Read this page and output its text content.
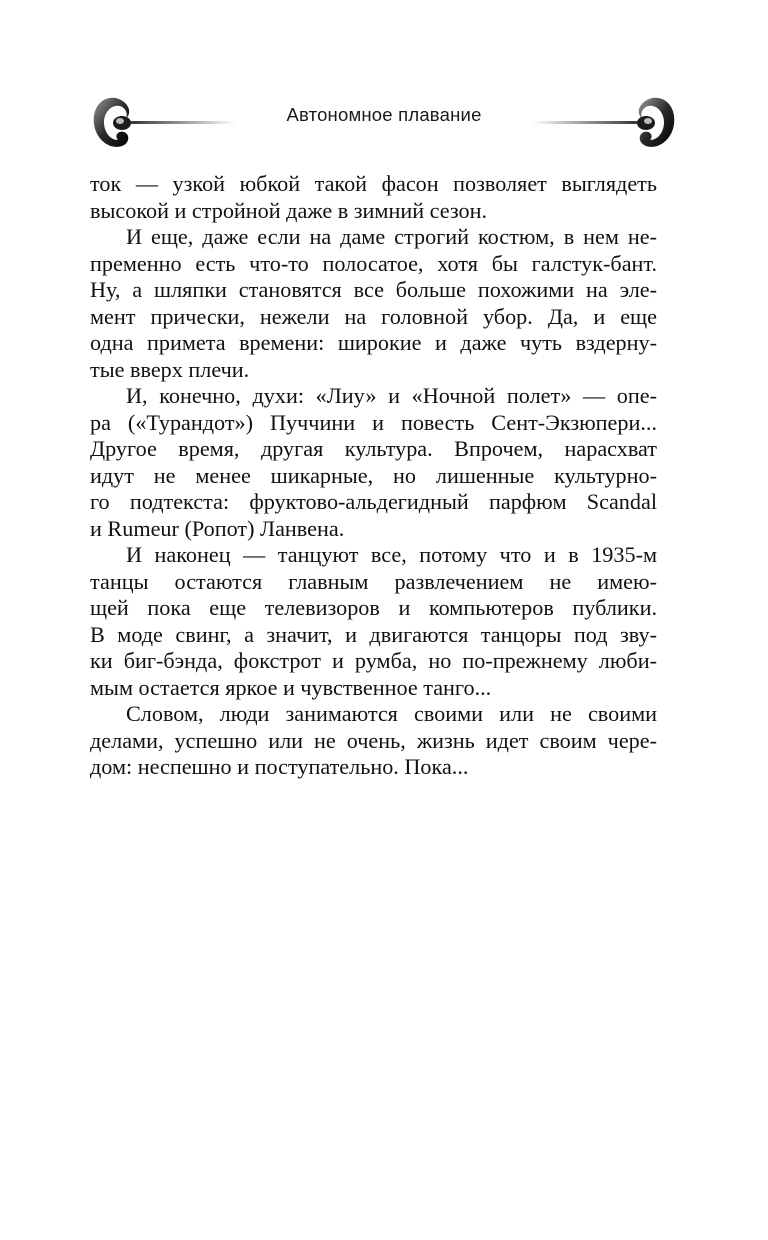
Автономное плавание
ток — узкой юбкой такой фасон позволяет выглядеть
высокой и стройной даже в зимний сезон.
И еще, даже если на даме строгий костюм, в нем не-
пременно есть что-то полосатое, хотя бы галстук-бант.
Ну, а шляпки становятся все больше похожими на эле-
мент прически, нежели на головной убор. Да, и еще
одна примета времени: широкие и даже чуть вздерну-
тые вверх плечи.
И, конечно, духи: «Лиу» и «Ночной полет» — опе-
ра («Турандот») Пуччини и повесть Сент-Экзюпери...
Другое время, другая культура. Впрочем, нарасхват
идут не менее шикарные, но лишенные культурно-
го подтекста: фруктово-альдегидный парфюм Scandal
и Rumeur (Ропот) Ланвена.
И наконец — танцуют все, потому что и в 1935-м
танцы остаются главным развлечением не имею-
щей пока еще телевизоров и компьютеров публики.
В моде свинг, а значит, и двигаются танцоры под зву-
ки биг-бэнда, фокстрот и румба, но по-прежнему люби-
мым остается яркое и чувственное танго...
Словом, люди занимаются своими или не своими
делами, успешно или не очень, жизнь идет своим чере-
дом: неспешно и поступательно. Пока...
